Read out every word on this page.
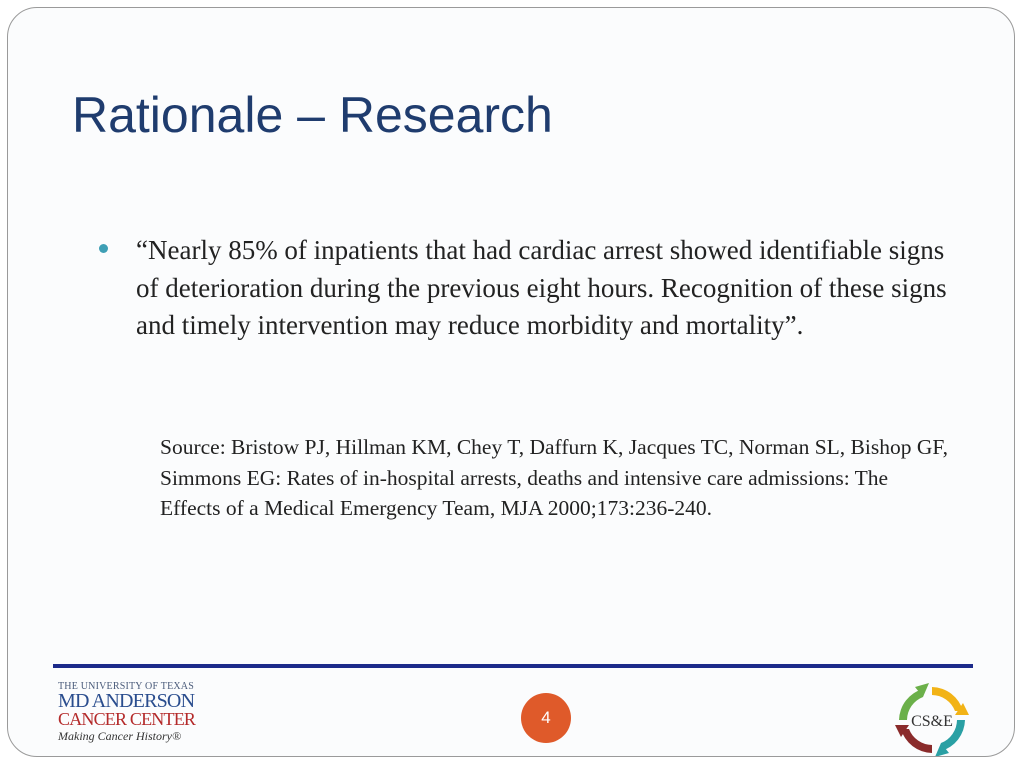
Rationale – Research

“Nearly 85% of inpatients that had cardiac arrest showed identifiable signs of deterioration during the previous eight hours. Recognition of these signs and timely intervention may reduce morbidity and mortality”.

Source: Bristow PJ, Hillman KM, Chey T, Daffurn K, Jacques TC, Norman SL, Bishop GF, Simmons EG: Rates of in-hospital arrests, deaths and intensive care admissions: The Effects of a Medical Emergency Team, MJA 2000;173:236-240.

THE UNIVERSITY OF TEXAS
MD ANDERSON
CANCER CENTER
Making Cancer History®
4	CS&E
